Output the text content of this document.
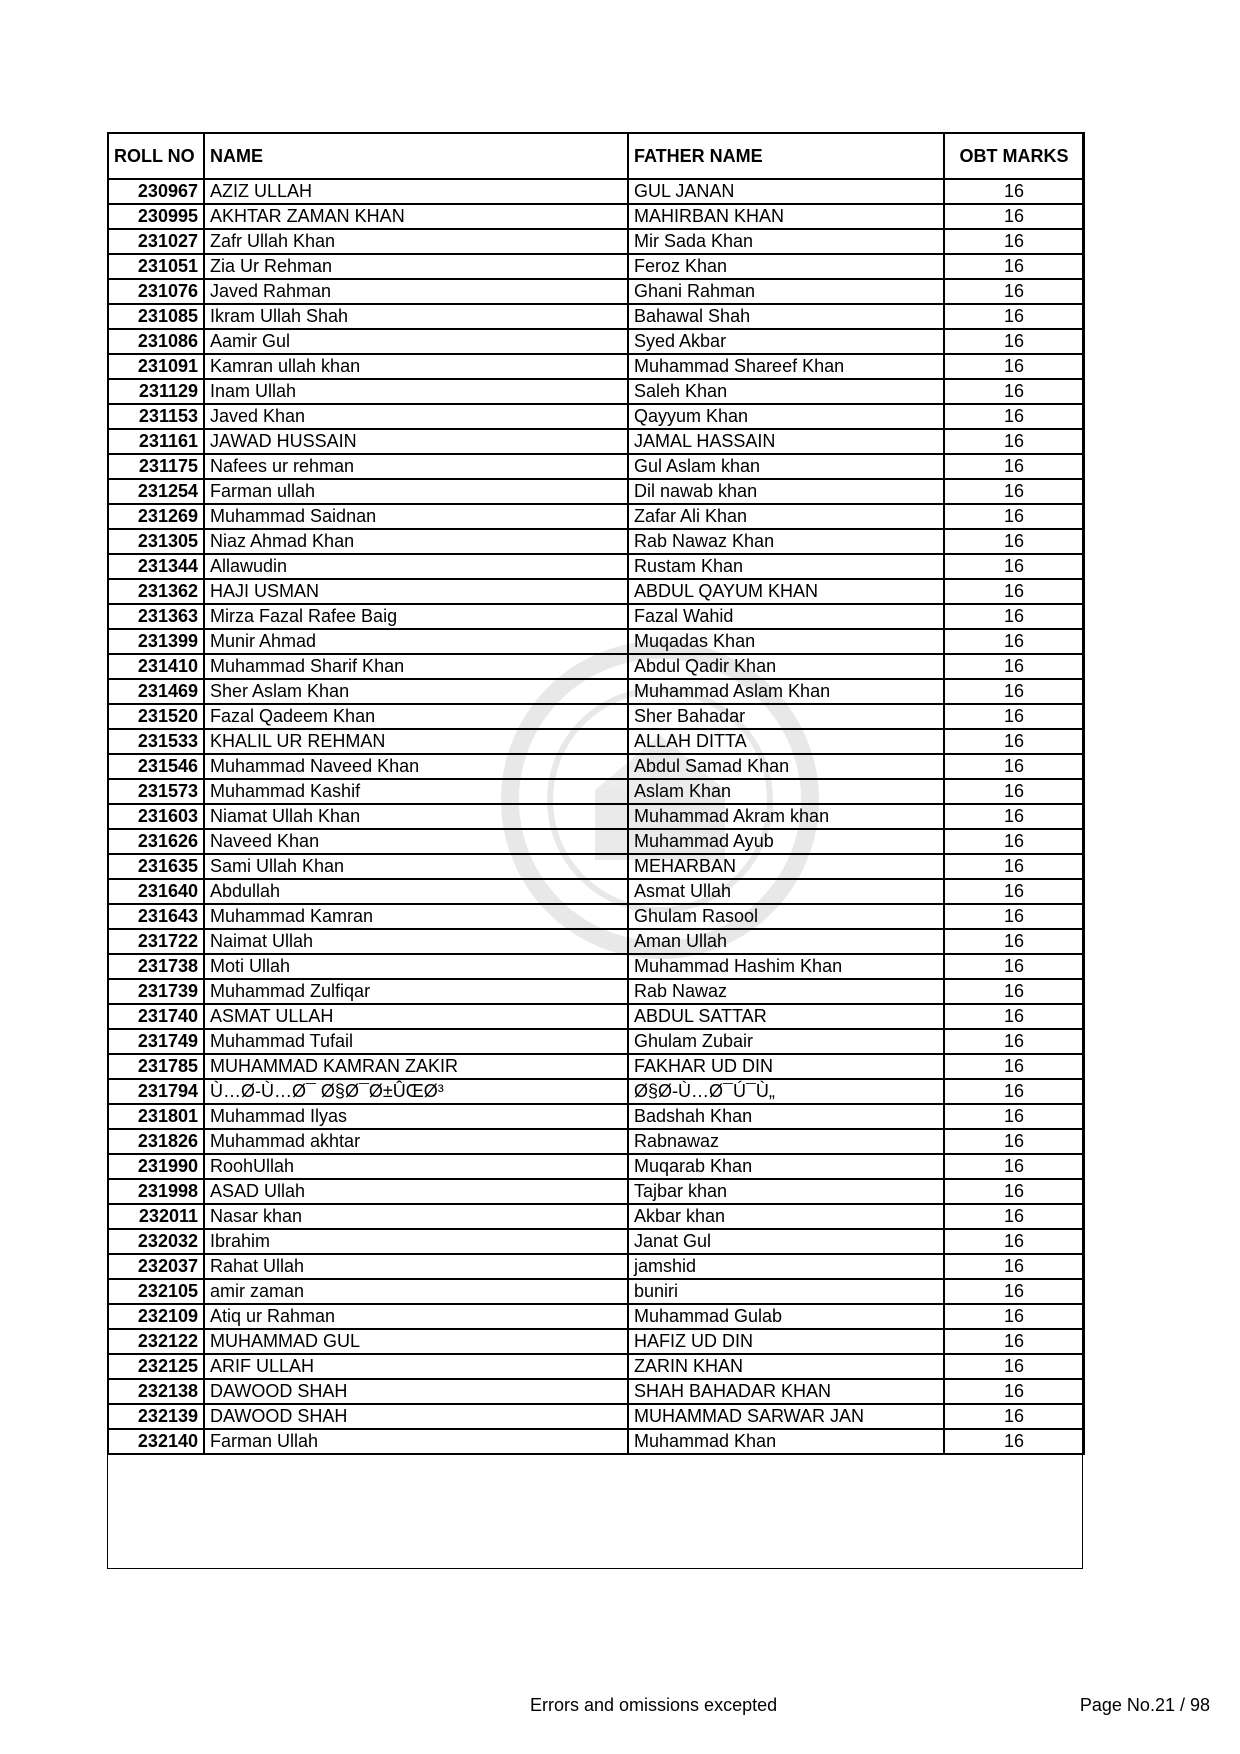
ROLL NO	NAME	FATHER NAME	OBT MARKS
230967	AZIZ ULLAH	GUL JANAN	16
230995	AKHTAR ZAMAN KHAN	MAHIRBAN KHAN	16
231027	Zafr Ullah Khan	Mir Sada Khan	16
231051	Zia Ur Rehman	Feroz Khan	16
231076	Javed Rahman	Ghani Rahman	16
231085	Ikram Ullah Shah	Bahawal Shah	16
231086	Aamir Gul	Syed Akbar	16
231091	Kamran ullah khan	Muhammad Shareef Khan	16
231129	Inam Ullah	Saleh Khan	16
231153	Javed Khan	Qayyum Khan	16
231161	JAWAD HUSSAIN	JAMAL HASSAIN	16
231175	Nafees ur rehman	Gul Aslam khan	16
231254	Farman ullah	Dil nawab khan	16
231269	Muhammad Saidnan	Zafar Ali Khan	16
231305	Niaz Ahmad Khan	Rab Nawaz Khan	16
231344	Allawudin	Rustam Khan	16
231362	HAJI USMAN	ABDUL QAYUM KHAN	16
231363	Mirza Fazal Rafee Baig	Fazal Wahid	16
231399	Munir Ahmad	Muqadas Khan	16
231410	Muhammad Sharif Khan	Abdul Qadir Khan	16
231469	Sher Aslam Khan	Muhammad Aslam Khan	16
231520	Fazal Qadeem Khan	Sher Bahadar	16
231533	KHALIL UR REHMAN	ALLAH DITTA	16
231546	Muhammad Naveed Khan	Abdul Samad Khan	16
231573	Muhammad Kashif	Aslam Khan	16
231603	Niamat Ullah Khan	Muhammad Akram khan	16
231626	Naveed Khan	Muhammad Ayub	16
231635	Sami Ullah Khan	MEHARBAN	16
231640	Abdullah	Asmat Ullah	16
231643	Muhammad Kamran	Ghulam Rasool	16
231722	Naimat Ullah	Aman Ullah	16
231738	Moti Ullah	Muhammad Hashim Khan	16
231739	Muhammad Zulfiqar	Rab Nawaz	16
231740	ASMAT ULLAH	ABDUL SATTAR	16
231749	Muhammad Tufail	Ghulam Zubair	16
231785	MUHAMMAD KAMRAN ZAKIR	FAKHAR UD DIN	16
231794	Ù…Ø-Ù…Ø¯ Ø§Ø¯Ø±ÛŒØ³	Ø§Ø-Ù…Ø¯Ú¯Ù„	16
231801	Muhammad Ilyas	Badshah Khan	16
231826	Muhammad akhtar	Rabnawaz	16
231990	RoohUllah	Muqarab Khan	16
231998	ASAD Ullah	Tajbar khan	16
232011	Nasar khan	Akbar khan	16
232032	Ibrahim	Janat Gul	16
232037	Rahat Ullah	jamshid	16
232105	amir zaman	buniri	16
232109	Atiq ur Rahman	Muhammad Gulab	16
232122	MUHAMMAD GUL	HAFIZ UD DIN	16
232125	ARIF ULLAH	ZARIN KHAN	16
232138	DAWOOD SHAH	SHAH BAHADAR KHAN	16
232139	DAWOOD SHAH	MUHAMMAD SARWAR JAN	16
232140	Farman Ullah	Muhammad Khan	16
Errors and omissions excepted	Page No.21 / 98
